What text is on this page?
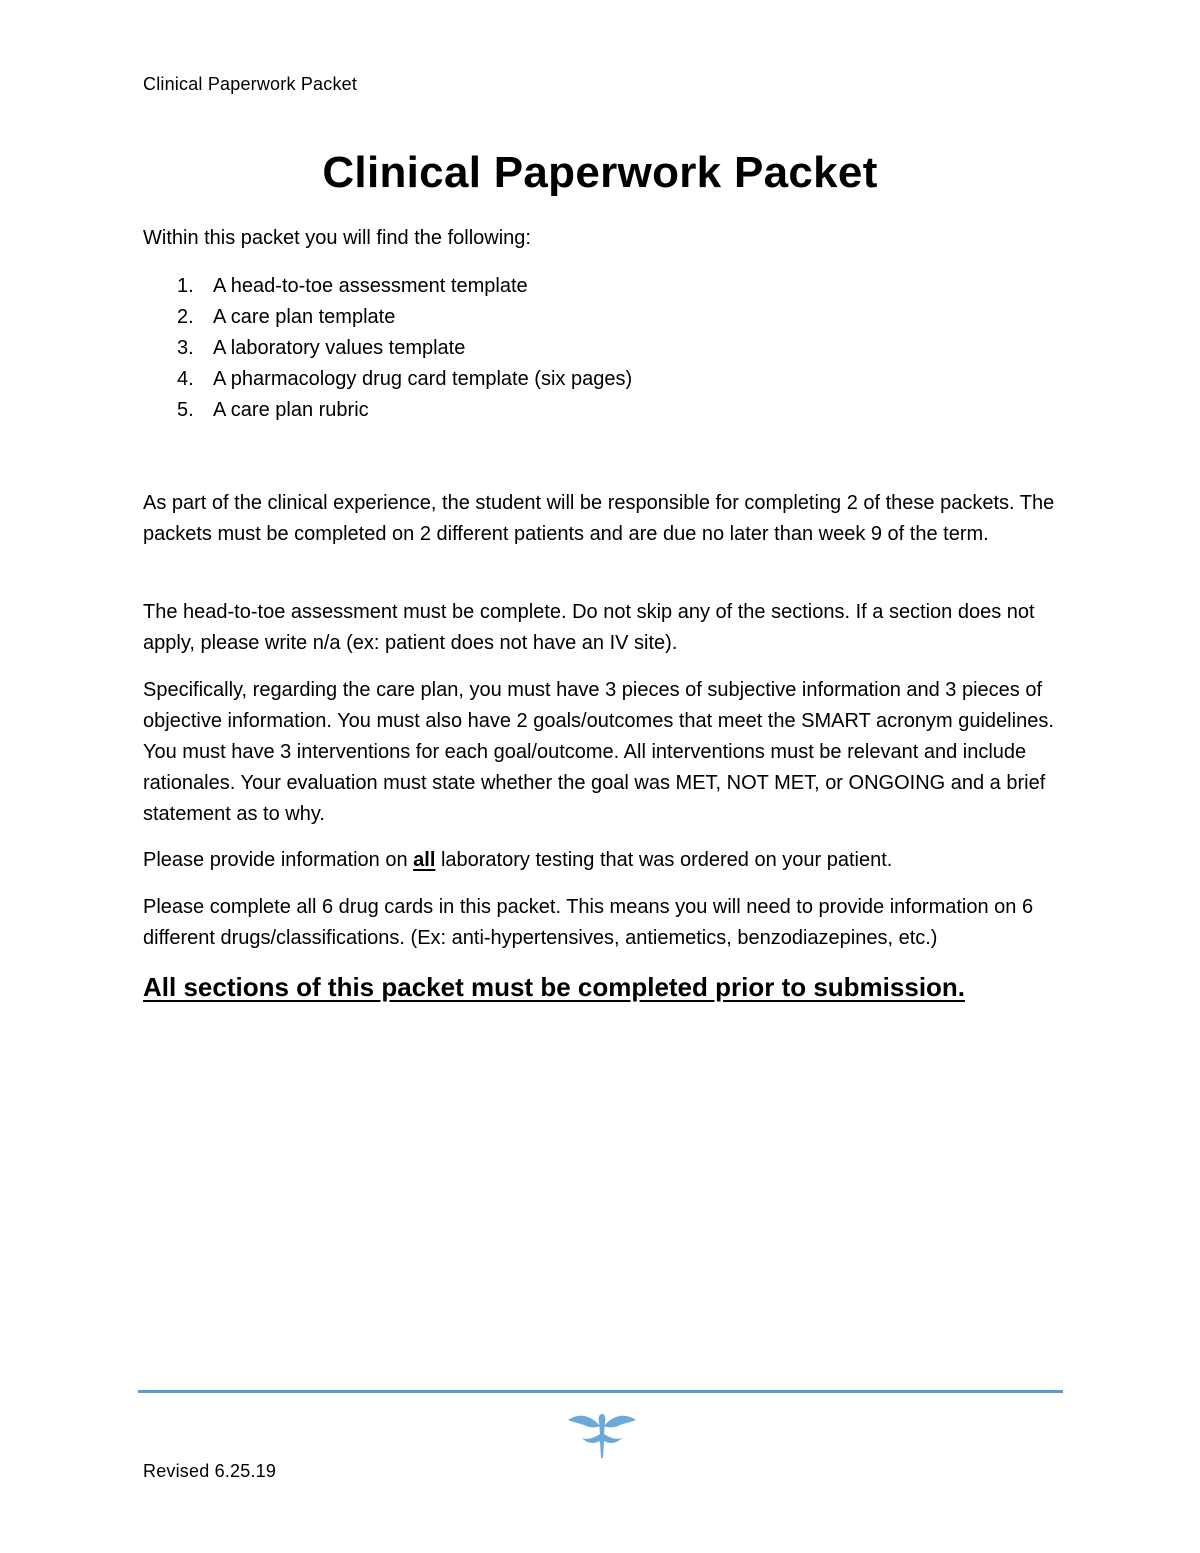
Clinical Paperwork Packet
Clinical Paperwork Packet
Within this packet you will find the following:
1. A head-to-toe assessment template
2. A care plan template
3. A laboratory values template
4. A pharmacology drug card template (six pages)
5. A care plan rubric

As part of the clinical experience, the student will be responsible for completing 2 of these packets. The packets must be completed on 2 different patients and are due no later than week 9 of the term.

The head-to-toe assessment must be complete. Do not skip any of the sections. If a section does not apply, please write n/a (ex: patient does not have an IV site).

Specifically, regarding the care plan, you must have 3 pieces of subjective information and 3 pieces of objective information. You must also have 2 goals/outcomes that meet the SMART acronym guidelines. You must have 3 interventions for each goal/outcome. All interventions must be relevant and include rationales. Your evaluation must state whether the goal was MET, NOT MET, or ONGOING and a brief statement as to why.

Please provide information on all laboratory testing that was ordered on your patient.

Please complete all 6 drug cards in this packet. This means you will need to provide information on 6 different drugs/classifications. (Ex: anti-hypertensives, antiemetics, benzodiazepines, etc.)

All sections of this packet must be completed prior to submission.
Revised 6.25.19
